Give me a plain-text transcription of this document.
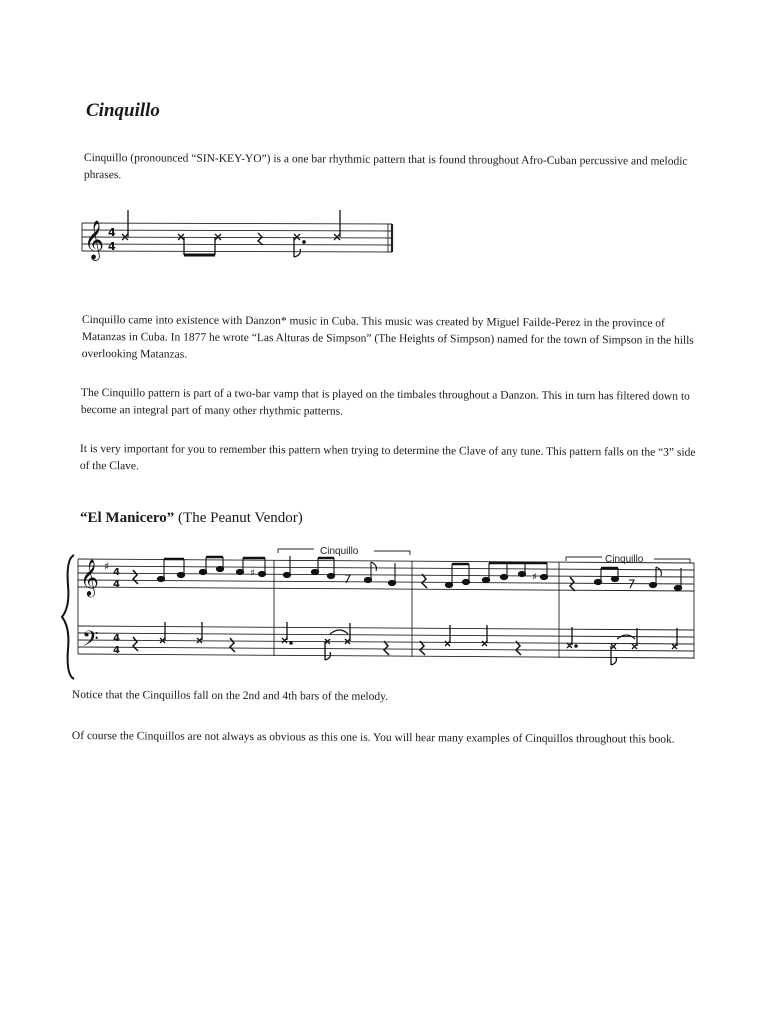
Cinquillo

Cinquillo (pronounced “SIN-KEY-YO”) is a one bar rhythmic pattern that is found throughout Afro-Cuban percussive and melodic phrases.

𝄞 4
4

Cinquillo came into existence with Danzon* music in Cuba. This music was created by Miguel Failde-Perez in the province of Matanzas in Cuba. In 1877 he wrote “Las Alturas de Simpson” (The Heights of Simpson) named for the town of Simpson in the hills overlooking Matanzas.

The Cinquillo pattern is part of a two-bar vamp that is played on the timbales throughout a Danzon. This in turn has filtered down to become an integral part of many other rhythmic patterns.

It is very important for you to remember this pattern when trying to determine the Clave of any tune. This pattern falls on the “3” side of the Clave.

“El Manicero” (The Peanut Vendor)

𝄞
𝄢
♯ 4
4
4
4
♯	♯
Cinquillo
Cinquillo

Notice that the Cinquillos fall on the 2nd and 4th bars of the melody.

Of course the Cinquillos are not always as obvious as this one is. You will hear many examples of Cinquillos throughout this book.
